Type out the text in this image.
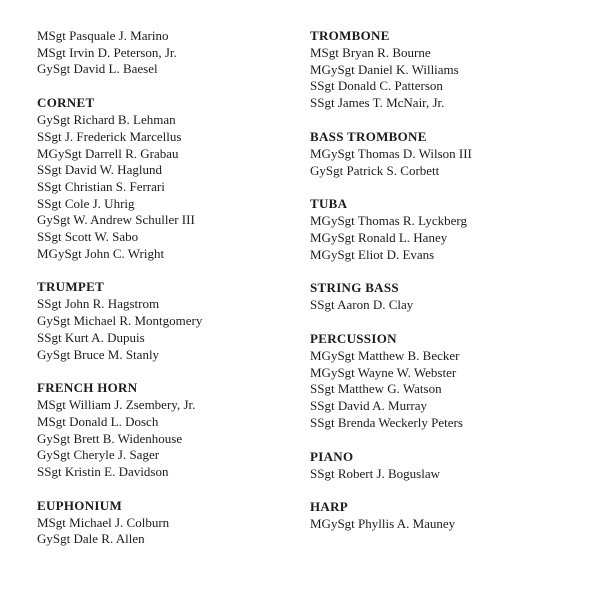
MSgt Pasquale J. Marino
MSgt Irvin D. Peterson, Jr.
GySgt David L. Baesel
CORNET
GySgt Richard B. Lehman
SSgt J. Frederick Marcellus
MGySgt Darrell R. Grabau
SSgt David W. Haglund
SSgt Christian S. Ferrari
SSgt Cole J. Uhrig
GySgt W. Andrew Schuller III
SSgt Scott W. Sabo
MGySgt John C. Wright
TRUMPET
SSgt John R. Hagstrom
GySgt Michael R. Montgomery
SSgt Kurt A. Dupuis
GySgt Bruce M. Stanly
FRENCH HORN
MSgt William J. Zsembery, Jr.
MSgt Donald L. Dosch
GySgt Brett B. Widenhouse
GySgt Cheryle J. Sager
SSgt Kristin E. Davidson
EUPHONIUM
MSgt Michael J. Colburn
GySgt Dale R. Allen
TROMBONE
MSgt Bryan R. Bourne
MGySgt Daniel K. Williams
SSgt Donald C. Patterson
SSgt James T. McNair, Jr.
BASS TROMBONE
MGySgt Thomas D. Wilson III
GySgt Patrick S. Corbett
TUBA
MGySgt Thomas R. Lyckberg
MGySgt Ronald L. Haney
MGySgt Eliot D. Evans
STRING BASS
SSgt Aaron D. Clay
PERCUSSION
MGySgt Matthew B. Becker
MGySgt Wayne W. Webster
SSgt Matthew G. Watson
SSgt David A. Murray
SSgt Brenda Weckerly Peters
PIANO
SSgt Robert J. Boguslaw
HARP
MGySgt Phyllis A. Mauney
